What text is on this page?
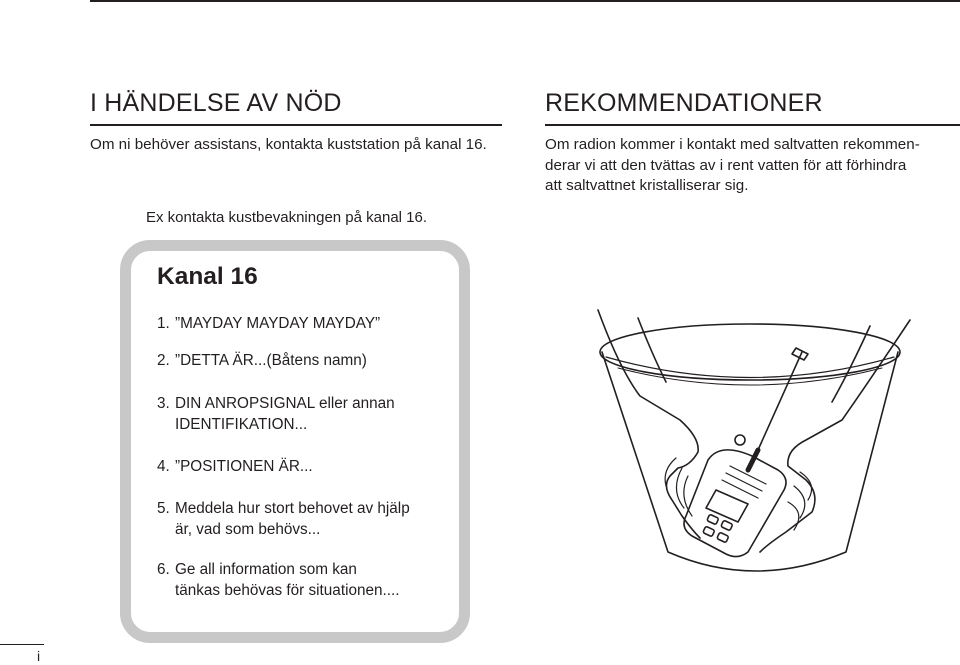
I HÄNDELSE AV NÖD

Om ni behöver assistans, kontakta kuststation på kanal 16.

Ex kontakta kustbevakningen på kanal 16.
Kanal 16
1. ”MAYDAY MAYDAY MAYDAY”
2. ”DETTA ÄR...(Båtens namn)
3. DIN ANROPSIGNAL eller annan
IDENTIFIKATION...
4. ”POSITIONEN ÄR...
5. Meddela hur stort behovet av hjälp
är, vad som behövs...
6. Ge all information som kan
tänkas behövas för situationen....
REKOMMENDATIONER

Om radion kommer i kontakt med saltvatten rekommen-
derar vi att den tvättas av i rent vatten för att förhindra
att saltvattnet kristalliserar sig.

i
